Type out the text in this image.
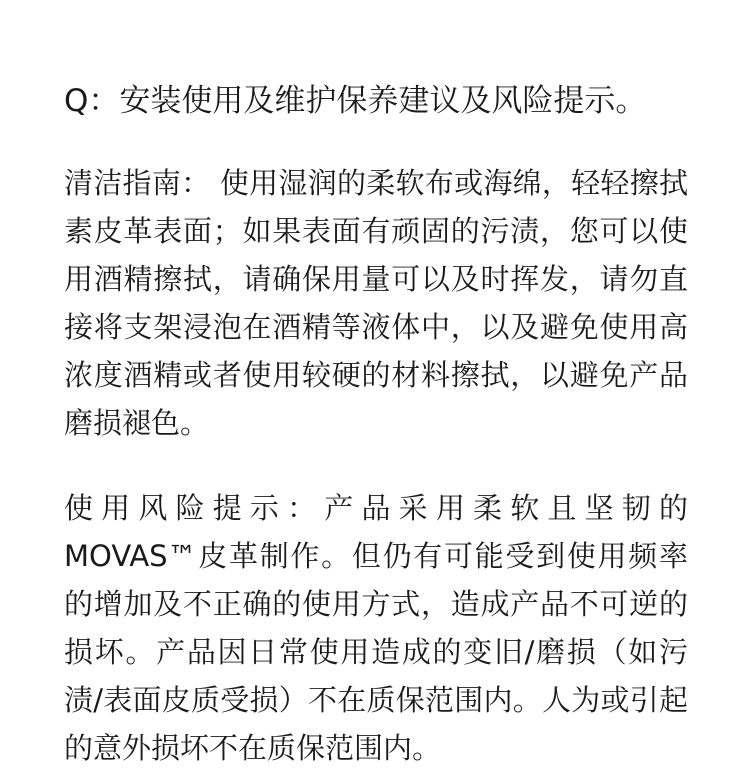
Q：安装使用及维护保养建议及风险提示。

清洁指南： 使用湿润的柔软布或海绵，轻轻擦拭素皮革表面；如果表面有顽固的污渍，您可以使用酒精擦拭，请确保用量可以及时挥发，请勿直接将支架浸泡在酒精等液体中，以及避免使用高浓度酒精或者使用较硬的材料擦拭，以避免产品磨损褪色。

使用风险提示：产品采用柔软且坚韧的MOVAS™皮革制作。但仍有可能受到使用频率的增加及不正确的使用方式，造成产品不可逆的损坏。产品因日常使用造成的变旧/磨损（如污渍/表面皮质受损）不在质保范围内。人为或引起的意外损坏不在质保范围内。
